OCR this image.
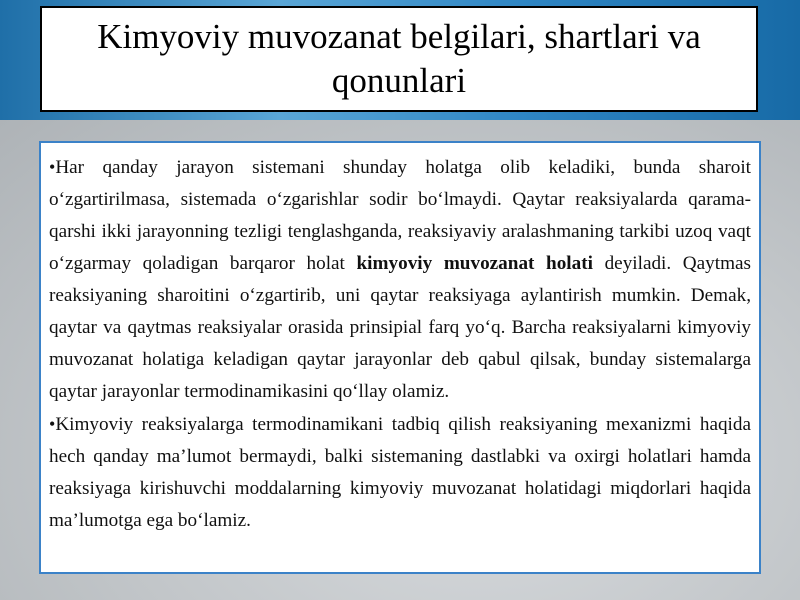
Kimyoviy muvozanat belgilari, shartlari va qonunlari

•Har qanday jarayon sistemani shunday holatga olib keladiki, bunda sharoit o‘zgartirilmasa, sistemada o‘zgarishlar sodir bo‘lmaydi. Qaytar reaksiyalarda qarama-qarshi ikki jarayonning tezligi tenglashganda, reaksiyaviy aralashmaning tarkibi uzoq vaqt o‘zgarmay qoladigan barqaror holat kimyoviy muvozanat holati deyiladi. Qaytmas reaksiyaning sharoitini o‘zgartirib, uni qaytar reaksiyaga aylantirish mumkin. Demak, qaytar va qaytmas reaksiyalar orasida prinsipial farq yo‘q. Barcha reaksiyalarni kimyoviy muvozanat holatiga keladigan qaytar jarayonlar deb qabul qilsak, bunday sistemalarga qaytar jarayonlar termodinamikasini qo‘llay olamiz.

•Kimyoviy reaksiyalarga termodinamikani tadbiq qilish reaksiyaning mexanizmi haqida hech qanday ma’lumot bermaydi, balki sistemaning dastlabki va oxirgi holatlari hamda reaksiyaga kirishuvchi moddalarning kimyoviy muvozanat holatidagi miqdorlari haqida ma’lumotga ega bo‘lamiz.
